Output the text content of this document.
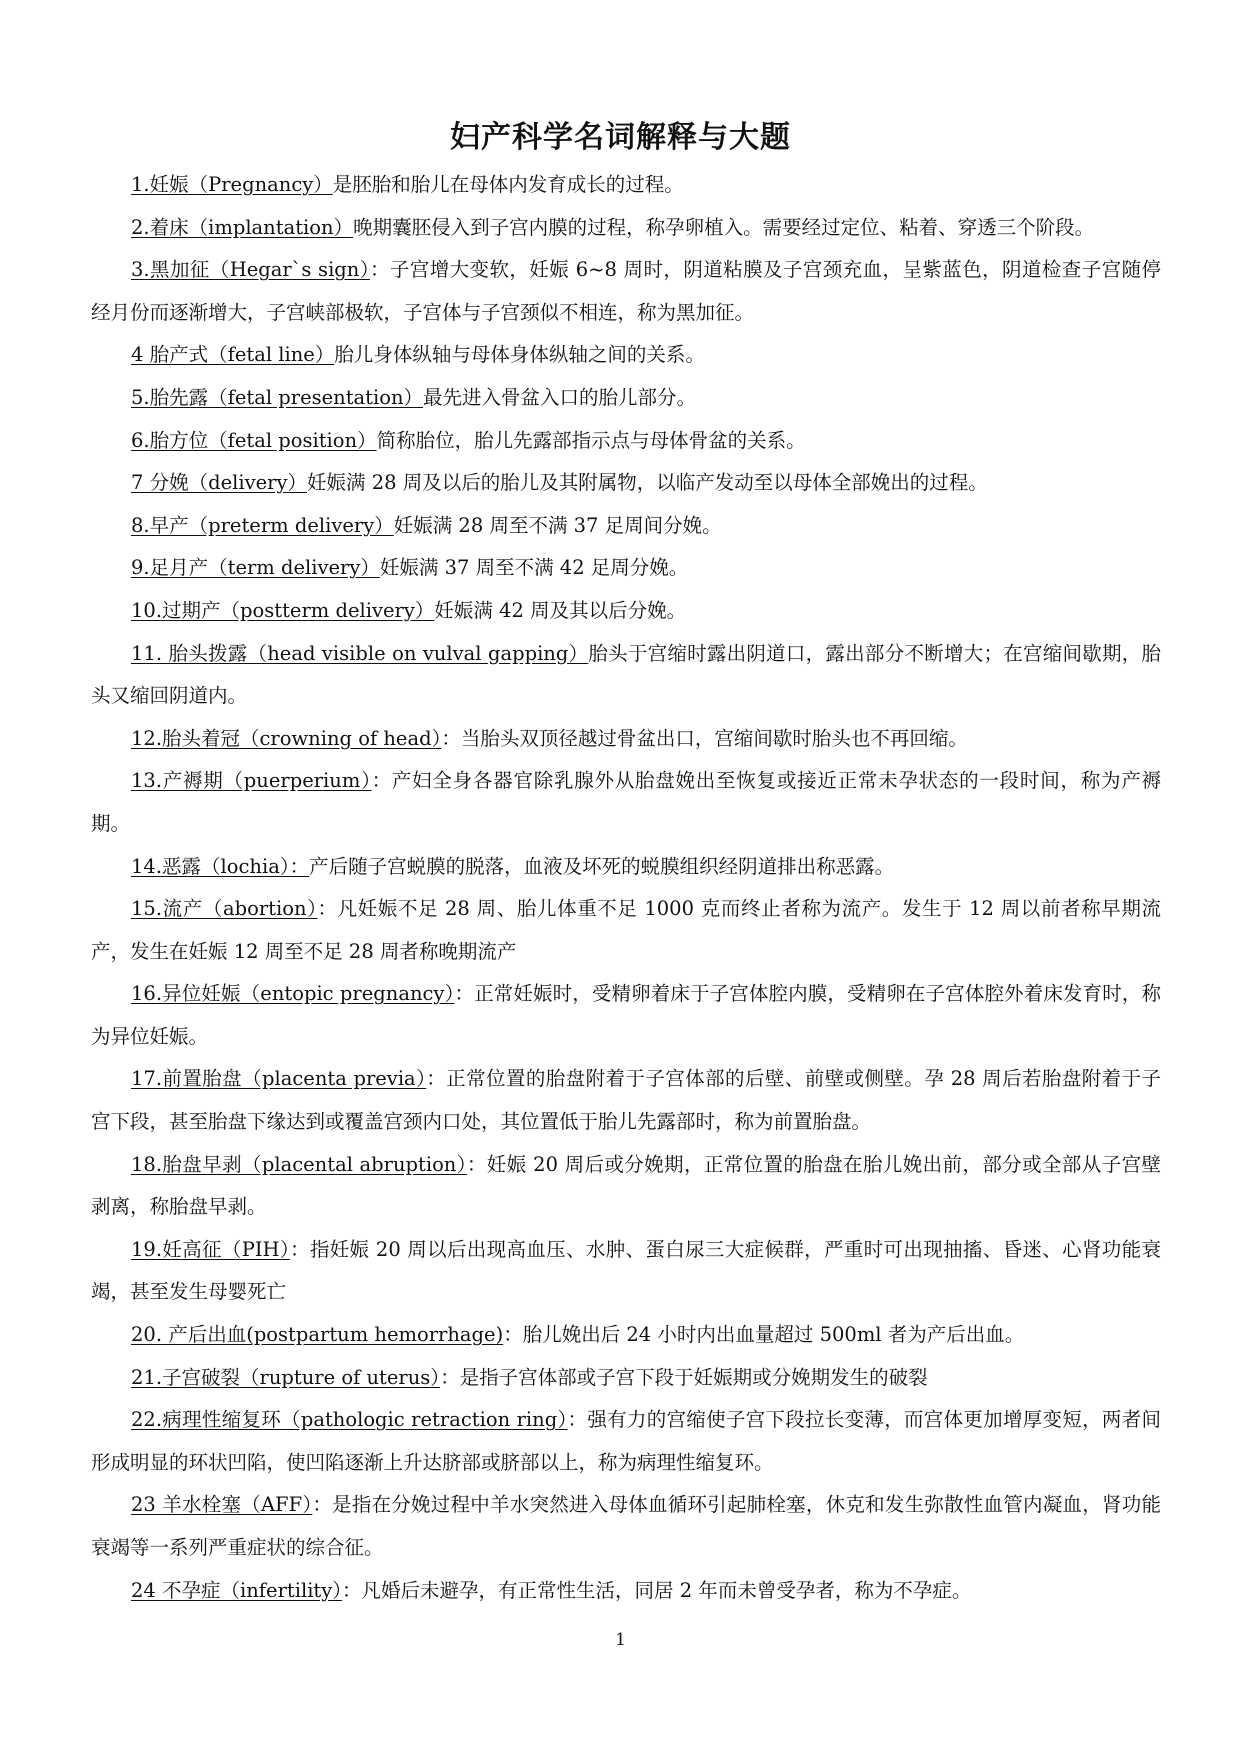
妇产科学名词解释与大题

1.妊娠（Pregnancy）是胚胎和胎儿在母体内发育成长的过程。

2.着床（implantation）晚期囊胚侵入到子宫内膜的过程，称孕卵植入。需要经过定位、粘着、穿透三个阶段。

3.黑加征（Hegar`s sign）：子宫增大变软，妊娠 6~8 周时，阴道粘膜及子宫颈充血，呈紫蓝色，阴道检查子宫随停经月份而逐渐增大，子宫峡部极软，子宫体与子宫颈似不相连，称为黑加征。

4 胎产式（fetal line）胎儿身体纵轴与母体身体纵轴之间的关系。

5.胎先露（fetal presentation）最先进入骨盆入口的胎儿部分。

6.胎方位（fetal position）简称胎位，胎儿先露部指示点与母体骨盆的关系。

7 分娩（delivery）妊娠满 28 周及以后的胎儿及其附属物，以临产发动至以母体全部娩出的过程。

8.早产（preterm delivery）妊娠满 28 周至不满 37 足周间分娩。

9.足月产（term delivery）妊娠满 37 周至不满 42 足周分娩。

10.过期产（postterm delivery）妊娠满 42 周及其以后分娩。

11. 胎头拨露（head visible on vulval gapping）胎头于宫缩时露出阴道口，露出部分不断增大；在宫缩间歇期，胎头又缩回阴道内。

12.胎头着冠（crowning of head）：当胎头双顶径越过骨盆出口，宫缩间歇时胎头也不再回缩。

13.产褥期（puerperium）：产妇全身各器官除乳腺外从胎盘娩出至恢复或接近正常未孕状态的一段时间，称为产褥期。

14.恶露（lochia）：产后随子宫蜕膜的脱落，血液及坏死的蜕膜组织经阴道排出称恶露。

15.流产（abortion）：凡妊娠不足 28 周、胎儿体重不足 1000 克而终止者称为流产。发生于 12 周以前者称早期流产，发生在妊娠 12 周至不足 28 周者称晚期流产

16.异位妊娠（entopic pregnancy）：正常妊娠时，受精卵着床于子宫体腔内膜，受精卵在子宫体腔外着床发育时，称为异位妊娠。

17.前置胎盘（placenta previa）：正常位置的胎盘附着于子宫体部的后壁、前壁或侧壁。孕 28 周后若胎盘附着于子宫下段，甚至胎盘下缘达到或覆盖宫颈内口处，其位置低于胎儿先露部时，称为前置胎盘。

18.胎盘早剥（placental abruption）：妊娠 20 周后或分娩期，正常位置的胎盘在胎儿娩出前，部分或全部从子宫壁剥离，称胎盘早剥。

19.妊高征（PIH）：指妊娠 20 周以后出现高血压、水肿、蛋白尿三大症候群，严重时可出现抽搐、昏迷、心肾功能衰竭，甚至发生母婴死亡

20. 产后出血(postpartum hemorrhage)：胎儿娩出后 24 小时内出血量超过 500ml 者为产后出血。

21.子宫破裂（rupture of uterus）：是指子宫体部或子宫下段于妊娠期或分娩期发生的破裂

22.病理性缩复环（pathologic retraction ring）：强有力的宫缩使子宫下段拉长变薄，而宫体更加增厚变短，两者间形成明显的环状凹陷，使凹陷逐渐上升达脐部或脐部以上，称为病理性缩复环。

23 羊水栓塞（AFF）：是指在分娩过程中羊水突然进入母体血循环引起肺栓塞，休克和发生弥散性血管内凝血，肾功能衰竭等一系列严重症状的综合征。

24 不孕症（infertility）：凡婚后未避孕，有正常性生活，同居 2 年而未曾受孕者，称为不孕症。

1
